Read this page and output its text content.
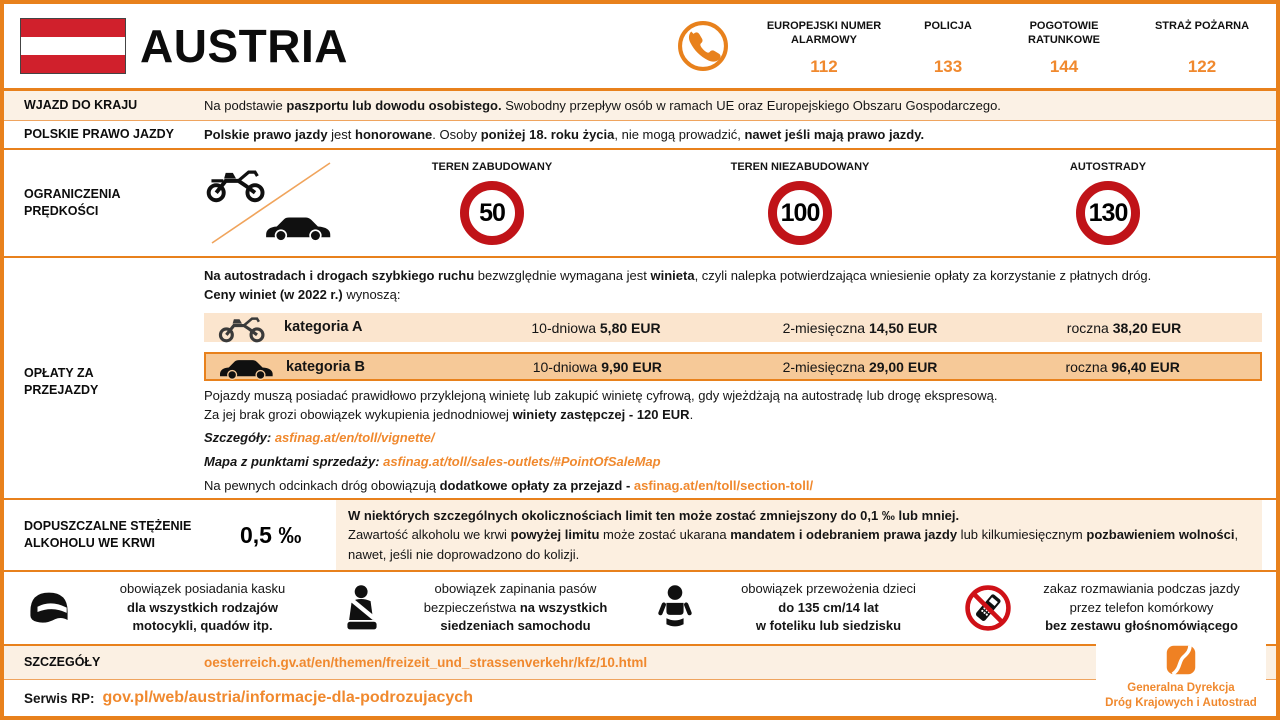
AUSTRIA	EUROPEJSKI NUMER ALARMOWY
112
POLICJA
133
POGOTOWIE RATUNKOWE
144
STRAŻ POŻARNA
122
WJAZD DO KRAJU	Na podstawie paszportu lub dowodu osobistego. Swobodny przepływ osób w ramach UE oraz Europejskiego Obszaru Gospodarczego.
POLSKIE PRAWO JAZDY	Polskie prawo jazdy jest honorowane. Osoby poniżej 18. roku życia, nie mogą prowadzić, nawet jeśli mają prawo jazdy.
OGRANICZENIA PRĘDKOŚCI
TEREN ZABUDOWANY
50
TEREN NIEZABUDOWANY
100
AUTOSTRADY
130
OPŁATY ZA PRZEJAZDY

Na autostradach i drogach szybkiego ruchu bezwzględnie wymagana jest winieta, czyli nalepka potwierdzająca wniesienie opłaty za korzystanie z płatnych dróg.

Ceny winiet (w 2022 r.) wynoszą:

kategoria A	10-dniowa 5,80 EUR	2-miesięczna 14,50 EUR	roczna 38,20 EUR
kategoria B	10-dniowa 9,90 EUR	2-miesięczna 29,00 EUR	roczna 96,40 EUR

Pojazdy muszą posiadać prawidłowo przyklejoną winietę lub zakupić winietę cyfrową, gdy wjeżdżają na autostradę lub drogę ekspresową.

Za jej brak grozi obowiązek wykupienia jednodniowej winiety zastępczej - 120 EUR.

Szczegóły: asfinag.at/en/toll/vignette/

Mapa z punktami sprzedaży: asfinag.at/toll/sales-outlets/#PointOfSaleMap

Na pewnych odcinkach dróg obowiązują dodatkowe opłaty za przejazd - asfinag.at/en/toll/section-toll/

DOPUSZCZALNE STĘŻENIE ALKOHOLU WE KRWI	0,5 ‰
W niektórych szczególnych okolicznościach limit ten może zostać zmniejszony do 0,1 ‰ lub mniej.
Zawartość alkoholu we krwi powyżej limitu może zostać ukarana mandatem i odebraniem prawa jazdy lub kilkumiesięcznym pozbawieniem wolności, nawet, jeśli nie doprowadzono do kolizji.
obowiązek posiadania kasku
dla wszystkich rodzajów
motocykli, quadów itp.
obowiązek zapinania pasów
bezpieczeństwa na wszystkich
siedzeniach samochodu
obowiązek przewożenia dzieci
do 135 cm/14 lat
w foteliku lub siedzisku
zakaz rozmawiania podczas jazdy
przez telefon komórkowy
bez zestawu głośnomówiącego
SZCZEGÓŁY	oesterreich.gv.at/en/themen/freizeit_und_strassenverkehr/kfz/10.html
Serwis RP: gov.pl/web/austria/informacje-dla-podrozujacych
Generalna Dyrekcja
Dróg Krajowych i Autostrad
